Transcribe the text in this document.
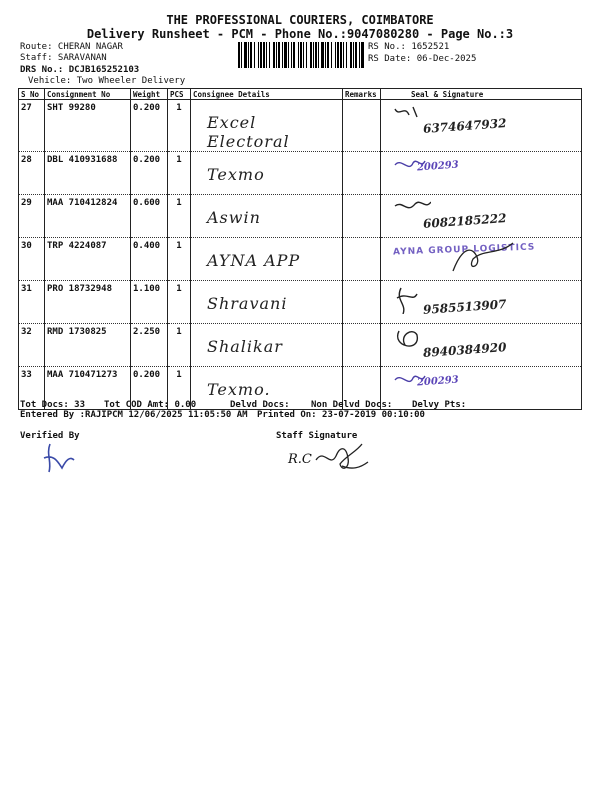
THE PROFESSIONAL COURIERS, COIMBATORE
Delivery Runsheet - PCM - Phone No.:9047080280 - Page No.:3
Route: CHERAN NAGAR
Staff: SARAVANAN
DRS No.: DCJB165252103
Vehicle: Two Wheeler Delivery
RS No.: 1652521
RS Date: 06-Dec-2025
S No	Consignment No	Weight	PCS	Consignee Details	Remarks	Seal & Signature
27	SHT 99280	0.200	1	Excel Electoral		6374647932

28	DBL 410931688	0.200	1	Texmo		200293

29	MAA 710412824	0.600	1	Aswin		6082185222

30	TRP 4224087	0.400	1	AYNA APP		AYNA GROUP LOGISTICS

31	PRO 18732948	1.100	1	Shravani		9585513907

32	RMD 1730825	2.250	1	Shalikar		8940384920

33	MAA 710471273	0.200	1	Texmo.		200293
Tot Docs: 33 Tot COD Amt: 0.00	Delvd Docs: Non Delvd Docs: Delvy Pts:
Entered By :RAJIPCM 12/06/2025 11:05:50 AM Printed On: 23-07-2019 00:10:00
Verified By	Staff Signature
R.C
